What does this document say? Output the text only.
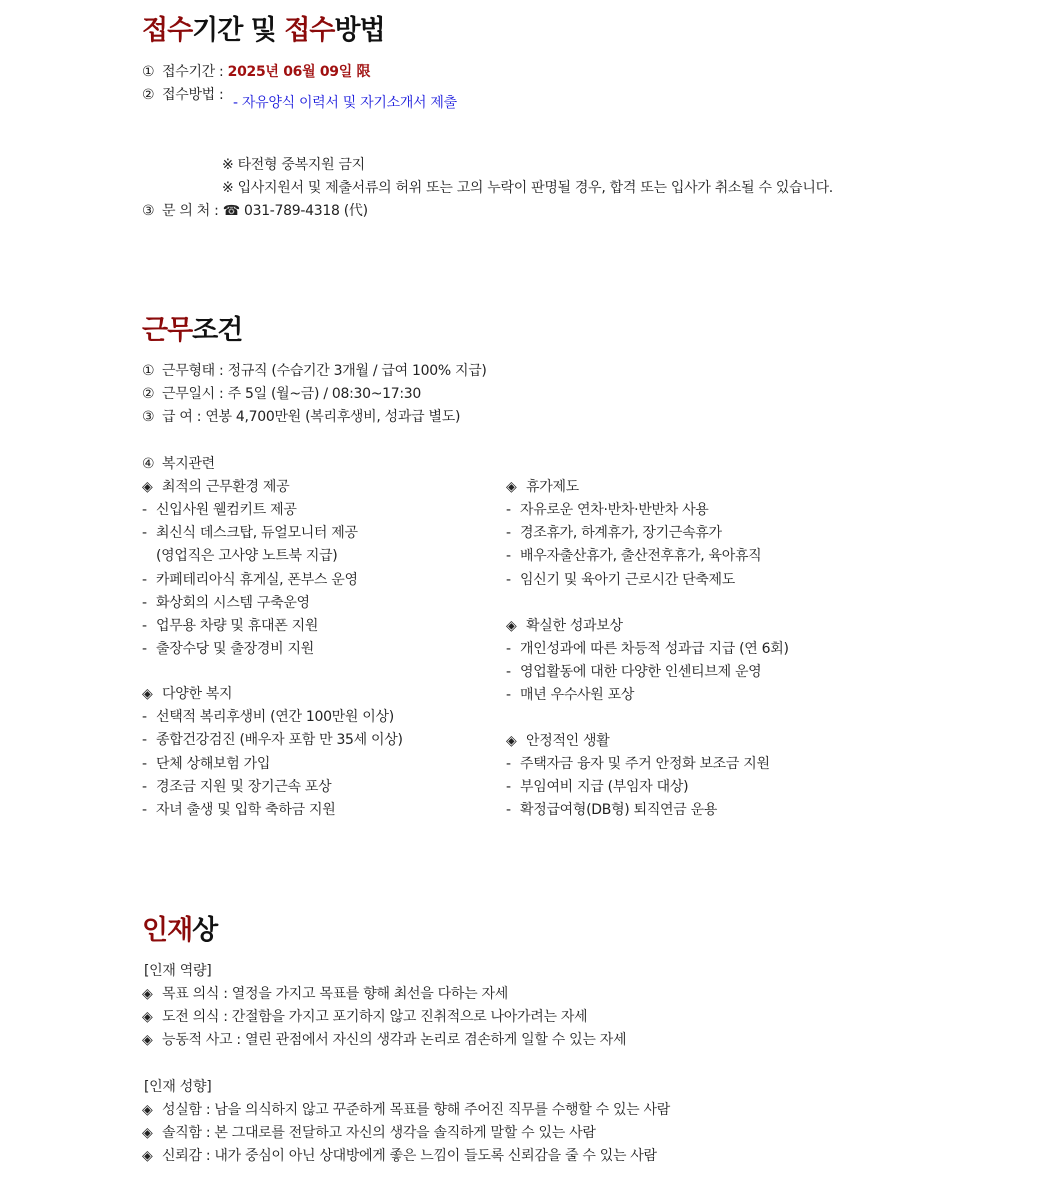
접수기간 및 접수방법
① 접수기간 : 2025년 06월 09일 限
② 접수방법 : - 자유양식 이력서 및 자기소개서 제출
※ 타전형 중복지원 금지
※ 입사지원서 및 제출서류의 허위 또는 고의 누락이 판명될 경우, 합격 또는 입사가 취소될 수 있습니다.
③ 문 의 처 : ☎ 031-789-4318 (代)
근무조건
① 근무형태 : 정규직 (수습기간 3개월 / 급여 100% 지급)
② 근무일시 : 주 5일 (월~금) / 08:30~17:30
③ 급 여 : 연봉 4,700만원 (복리후생비, 성과급 별도)
④ 복지관련
◈ 최적의 근무환경 제공
- 신입사원 웰컴키트 제공
- 최신식 데스크탑, 듀얼모니터 제공
(영업직은 고사양 노트북 지급)
- 카페테리아식 휴게실, 폰부스 운영
- 화상회의 시스템 구축운영
- 업무용 차량 및 휴대폰 지원
- 출장수당 및 출장경비 지원
◈ 다양한 복지
- 선택적 복리후생비 (연간 100만원 이상)
- 종합건강검진 (배우자 포함 만 35세 이상)
- 단체 상해보험 가입
- 경조금 지원 및 장기근속 포상
- 자녀 출생 및 입학 축하금 지원
◈ 휴가제도
- 자유로운 연차·반차·반반차 사용
- 경조휴가, 하계휴가, 장기근속휴가
- 배우자출산휴가, 출산전후휴가, 육아휴직
- 임신기 및 육아기 근로시간 단축제도
◈ 확실한 성과보상
- 개인성과에 따른 차등적 성과급 지급 (연 6회)
- 영업활동에 대한 다양한 인센티브제 운영
- 매년 우수사원 포상
◈ 안정적인 생활
- 주택자금 융자 및 주거 안정화 보조금 지원
- 부임여비 지급 (부임자 대상)
- 확정급여형(DB형) 퇴직연금 운용
인재상
[인재 역량]
◈ 목표 의식 : 열정을 가지고 목표를 향해 최선을 다하는 자세
◈ 도전 의식 : 간절함을 가지고 포기하지 않고 진취적으로 나아가려는 자세
◈ 능동적 사고 : 열린 관점에서 자신의 생각과 논리로 겸손하게 일할 수 있는 자세
[인재 성향]
◈ 성실함 : 남을 의식하지 않고 꾸준하게 목표를 향해 주어진 직무를 수행할 수 있는 사람
◈ 솔직함 : 본 그대로를 전달하고 자신의 생각을 솔직하게 말할 수 있는 사람
◈ 신뢰감 : 내가 중심이 아닌 상대방에게 좋은 느낌이 들도록 신뢰감을 줄 수 있는 사람
